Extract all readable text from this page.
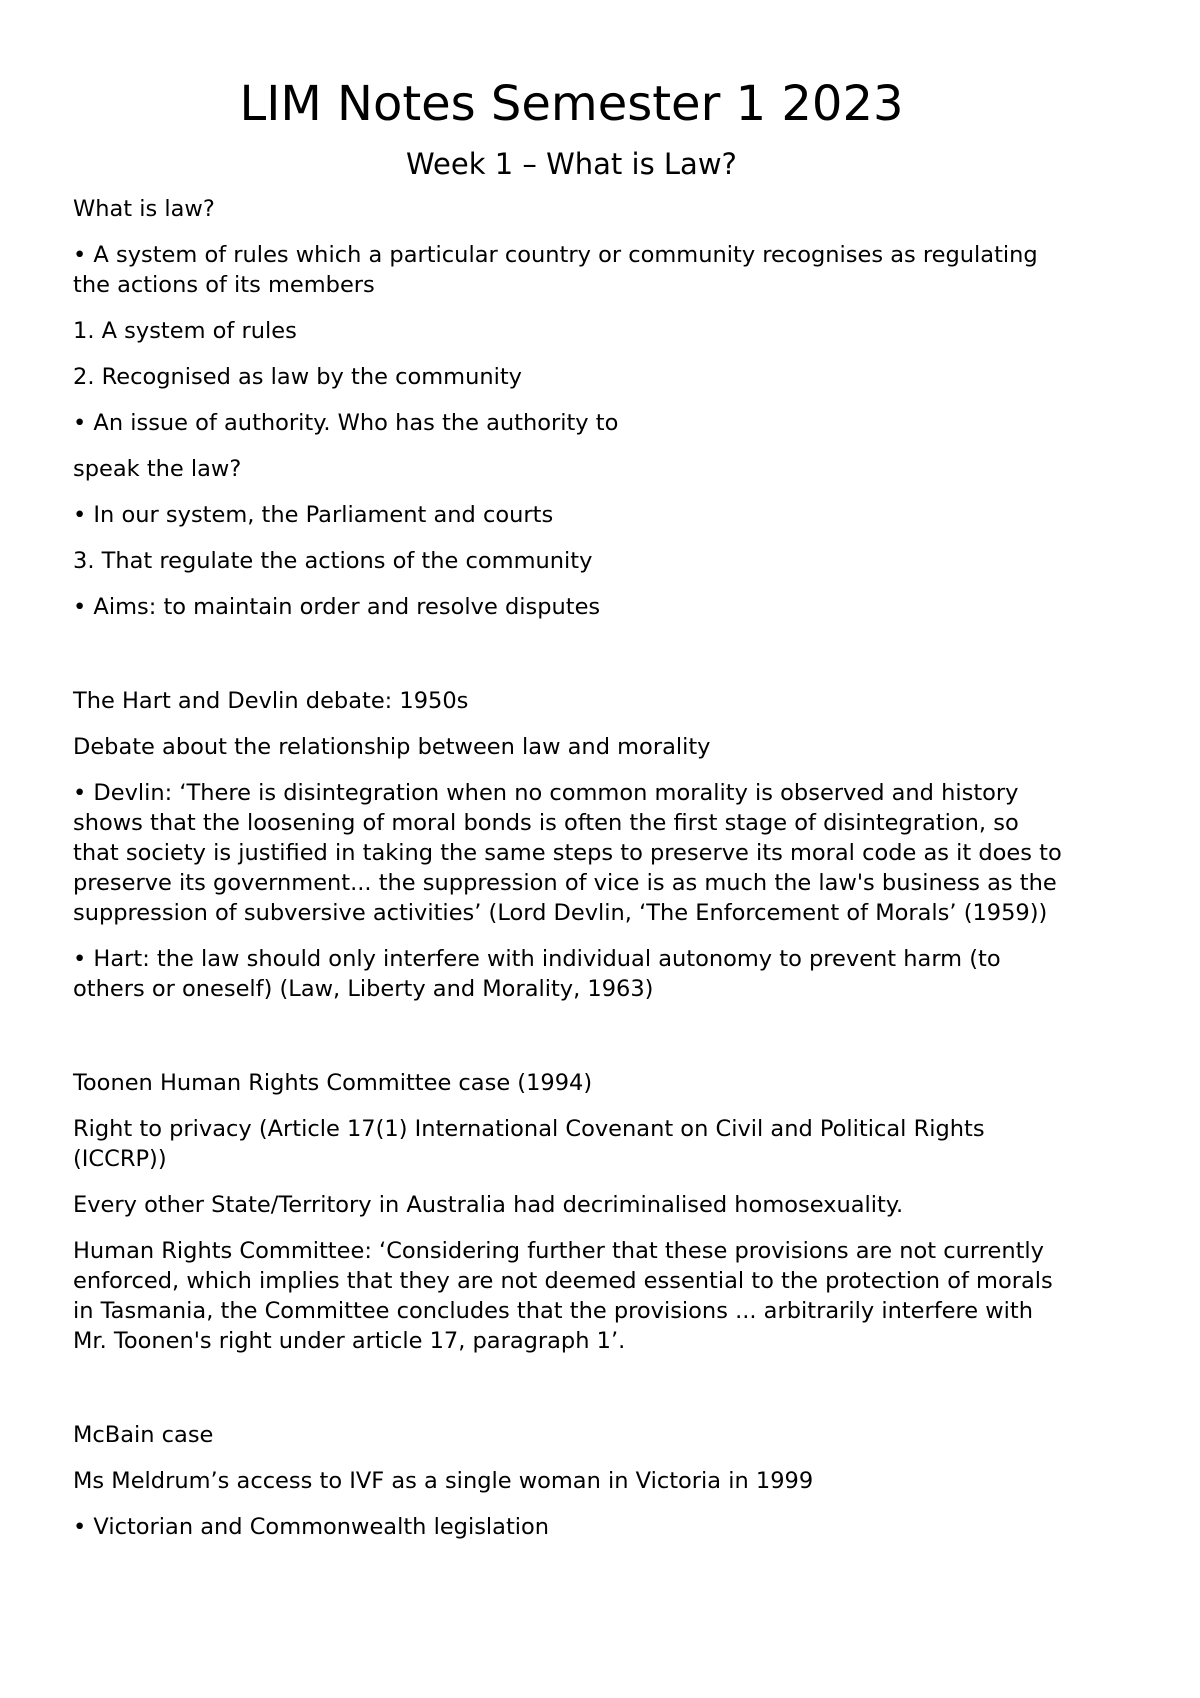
LIM Notes Semester 1 2023
Week 1 – What is Law?

What is law?

• A system of rules which a particular country or community recognises as regulating the actions of its members

1. A system of rules

2. Recognised as law by the community

• An issue of authority. Who has the authority to

speak the law?

• In our system, the Parliament and courts

3. That regulate the actions of the community

• Aims: to maintain order and resolve disputes

The Hart and Devlin debate: 1950s

Debate about the relationship between law and morality

• Devlin: ‘There is disintegration when no common morality is observed and history shows that the loosening of moral bonds is often the first stage of disintegration, so that society is justified in taking the same steps to preserve its moral code as it does to preserve its government... the suppression of vice is as much the law's business as the suppression of subversive activities’ (Lord Devlin, ‘The Enforcement of Morals’ (1959))

• Hart: the law should only interfere with individual autonomy to prevent harm (to others or oneself) (Law, Liberty and Morality, 1963)

Toonen Human Rights Committee case (1994)

Right to privacy (Article 17(1) International Covenant on Civil and Political Rights (ICCRP))

Every other State/Territory in Australia had decriminalised homosexuality.

Human Rights Committee: ‘Considering further that these provisions are not currently enforced, which implies that they are not deemed essential to the protection of morals in Tasmania, the Committee concludes that the provisions ... arbitrarily interfere with Mr. Toonen's right under article 17, paragraph 1’.

McBain case

Ms Meldrum’s access to IVF as a single woman in Victoria in 1999

• Victorian and Commonwealth legislation
